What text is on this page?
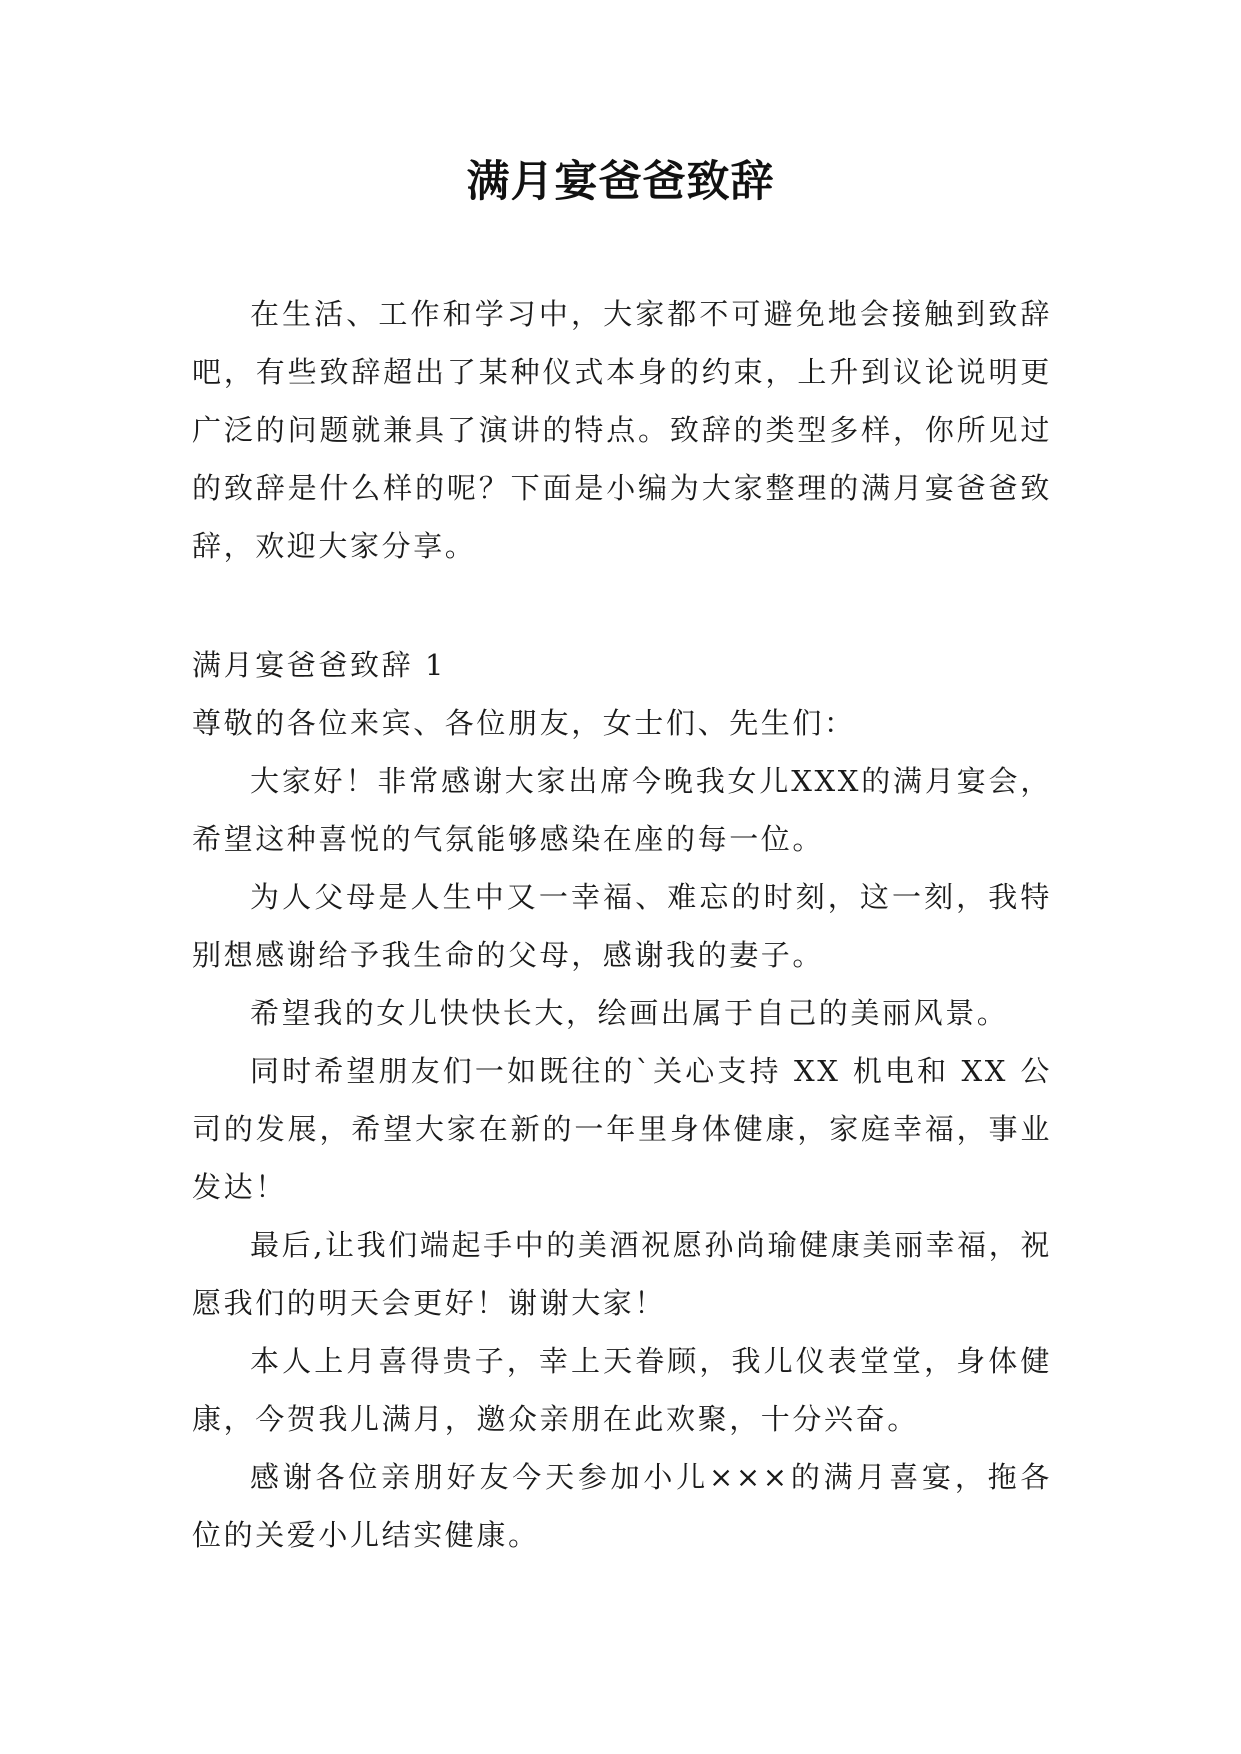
满月宴爸爸致辞

在生活、工作和学习中，大家都不可避免地会接触到致辞吧，有些致辞超出了某种仪式本身的约束，上升到议论说明更广泛的问题就兼具了演讲的特点。致辞的类型多样，你所见过的致辞是什么样的呢？下面是小编为大家整理的满月宴爸爸致辞，欢迎大家分享。

满月宴爸爸致辞 1

尊敬的各位来宾、各位朋友，女士们、先生们：

大家好！非常感谢大家出席今晚我女儿XXX的满月宴会，希望这种喜悦的气氛能够感染在座的每一位。

为人父母是人生中又一幸福、难忘的时刻，这一刻，我特别想感谢给予我生命的父母，感谢我的妻子。

希望我的女儿快快长大，绘画出属于自己的美丽风景。

同时希望朋友们一如既往的`关心支持 XX 机电和 XX 公司的发展，希望大家在新的一年里身体健康，家庭幸福，事业发达！

最后,让我们端起手中的美酒祝愿孙尚瑜健康美丽幸福，祝愿我们的明天会更好！谢谢大家！

本人上月喜得贵子，幸上天眷顾，我儿仪表堂堂，身体健康，今贺我儿满月，邀众亲朋在此欢聚，十分兴奋。

感谢各位亲朋好友今天参加小儿×××的满月喜宴，拖各位的关爱小儿结实健康。
